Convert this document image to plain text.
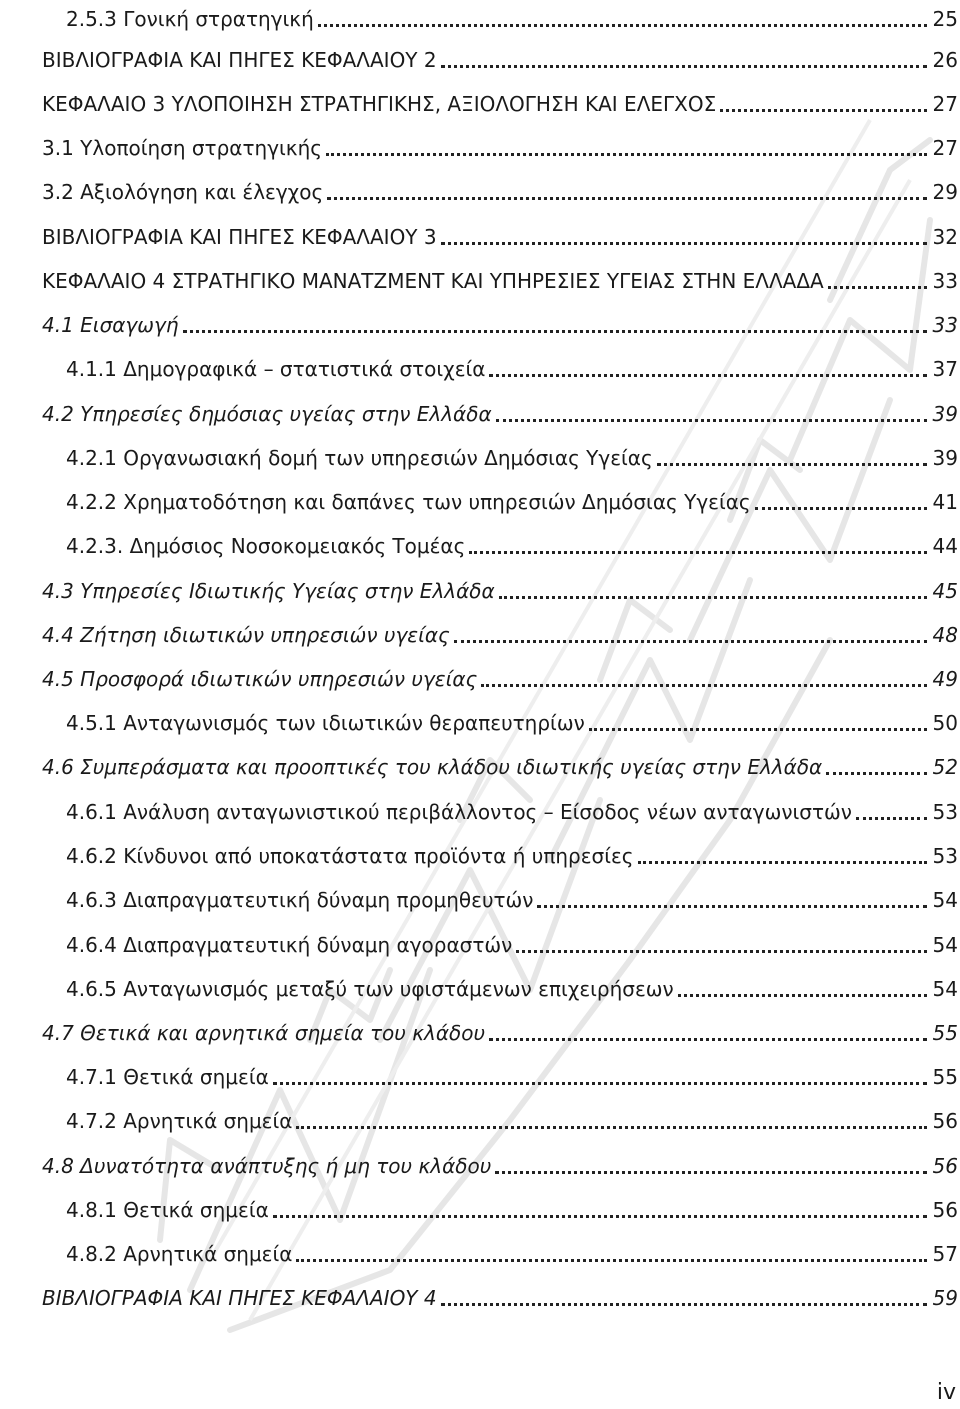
2.5.3 Γονική στρατηγική	25
ΒΙΒΛΙΟΓΡΑΦΙΑ ΚΑΙ ΠΗΓΕΣ ΚΕΦΑΛΑΙΟΥ 2	26
ΚΕΦΑΛΑΙΟ 3 ΥΛΟΠΟΙΗΣΗ ΣΤΡΑΤΗΓΙΚΗΣ, ΑΞΙΟΛΟΓΗΣΗ ΚΑΙ ΕΛΕΓΧΟΣ	27
3.1 Υλοποίηση στρατηγικής	27
3.2 Αξιολόγηση και έλεγχος	29
ΒΙΒΛΙΟΓΡΑΦΙΑ ΚΑΙ ΠΗΓΕΣ ΚΕΦΑΛΑΙΟΥ 3	32
ΚΕΦΑΛΑΙΟ 4 ΣΤΡΑΤΗΓΙΚΟ ΜΑΝΑΤΖΜΕΝΤ ΚΑΙ ΥΠΗΡΕΣΙΕΣ ΥΓΕΙΑΣ ΣΤΗΝ ΕΛΛΑΔΑ	33
4.1 Εισαγωγή	33
4.1.1 Δημογραφικά – στατιστικά στοιχεία	37
4.2 Υπηρεσίες δημόσιας υγείας στην Ελλάδα	39
4.2.1 Οργανωσιακή δομή των υπηρεσιών Δημόσιας Υγείας	39
4.2.2 Χρηματοδότηση και δαπάνες των υπηρεσιών Δημόσιας Υγείας	41
4.2.3. Δημόσιος Νοσοκομειακός Τομέας	44
4.3 Υπηρεσίες Ιδιωτικής Υγείας στην Ελλάδα	45
4.4 Ζήτηση ιδιωτικών υπηρεσιών υγείας	48
4.5 Προσφορά ιδιωτικών υπηρεσιών υγείας	49
4.5.1 Ανταγωνισμός των ιδιωτικών θεραπευτηρίων	50
4.6 Συμπεράσματα και προοπτικές του κλάδου ιδιωτικής υγείας στην Ελλάδα	52
4.6.1 Ανάλυση ανταγωνιστικού περιβάλλοντος – Είσοδος νέων ανταγωνιστών	53
4.6.2 Κίνδυνοι από υποκατάστατα προϊόντα ή υπηρεσίες	53
4.6.3 Διαπραγματευτική δύναμη προμηθευτών	54
4.6.4 Διαπραγματευτική δύναμη αγοραστών	54
4.6.5 Ανταγωνισμός μεταξύ των υφιστάμενων επιχειρήσεων	54
4.7 Θετικά και αρνητικά σημεία του κλάδου	55
4.7.1 Θετικά σημεία	55
4.7.2 Αρνητικά σημεία	56
4.8 Δυνατότητα ανάπτυξης ή μη του κλάδου	56
4.8.1 Θετικά σημεία	56
4.8.2 Αρνητικά σημεία	57
ΒΙΒΛΙΟΓΡΑΦΙΑ ΚΑΙ ΠΗΓΕΣ ΚΕΦΑΛΑΙΟΥ 4	59
iv
